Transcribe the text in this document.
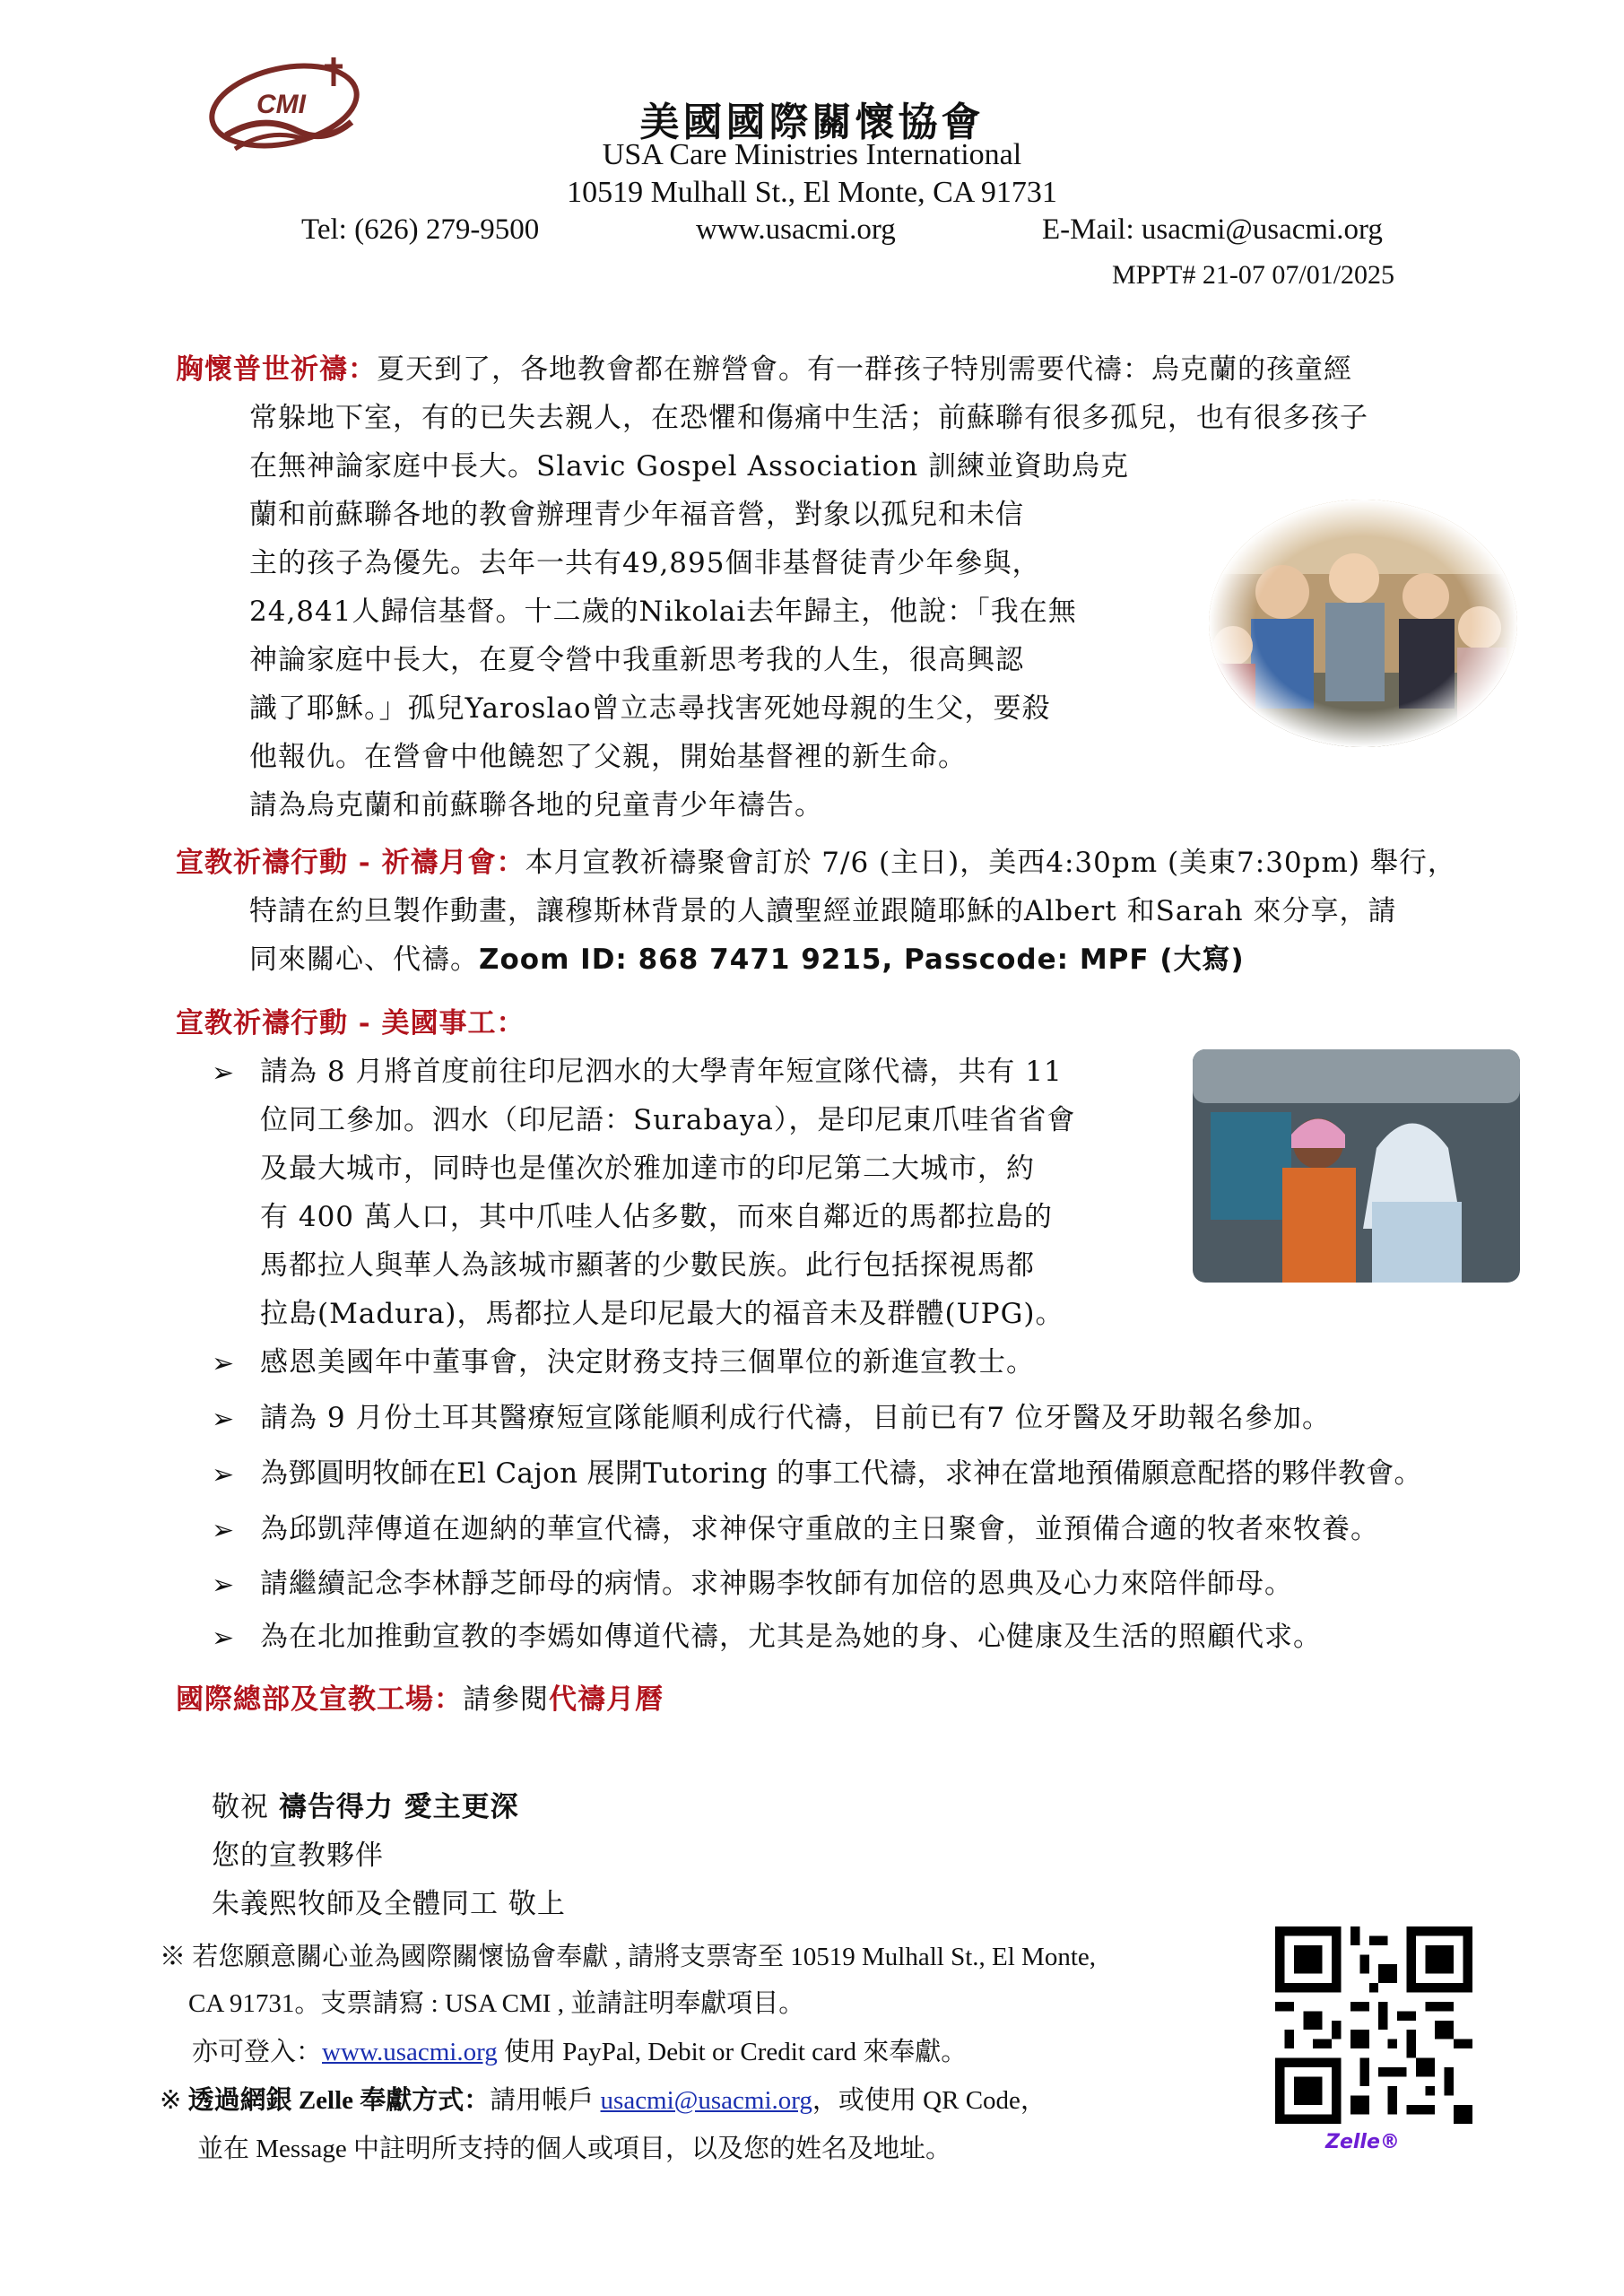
CMI	美國國際關懷協會
USA Care Ministries International
10519 Mulhall St., El Monte, CA 91731
Tel: (626) 279-9500	www.usacmi.org	E-Mail: usacmi@usacmi.org
MPPT# 21-07 07/01/2025
胸懷普世祈禱：夏天到了，各地教會都在辦營會。有一群孩子特別需要代禱：烏克蘭的孩童經
常躲地下室，有的已失去親人，在恐懼和傷痛中生活；前蘇聯有很多孤兒，也有很多孩子
在無神論家庭中長大。Slavic Gospel Association 訓練並資助烏克
蘭和前蘇聯各地的教會辦理青少年福音營，對象以孤兒和未信
主的孩子為優先。去年一共有49,895個非基督徒青少年參與，
24,841人歸信基督。十二歲的Nikolai去年歸主，他說：「我在無
神論家庭中長大，在夏令營中我重新思考我的人生，很高興認
識了耶穌。」孤兒Yaroslao曾立志尋找害死她母親的生父，要殺
他報仇。在營會中他饒恕了父親，開始基督裡的新生命。
請為烏克蘭和前蘇聯各地的兒童青少年禱告。
宣教祈禱行動 - 祈禱月會：本月宣教祈禱聚會訂於 7/6 (主日)，美西4:30pm (美東7:30pm) 舉行，
特請在約旦製作動畫，讓穆斯林背景的人讀聖經並跟隨耶穌的Albert 和Sarah 來分享，請
同來關心、代禱。Zoom ID: 868 7471 9215, Passcode: MPF (大寫)
宣教祈禱行動 - 美國事工：
➢ 請為 8 月將首度前往印尼泗水的大學青年短宣隊代禱，共有 11
位同工參加。泗水（印尼語：Surabaya），是印尼東爪哇省省會
及最大城市，同時也是僅次於雅加達市的印尼第二大城市，約
有 400 萬人口，其中爪哇人佔多數，而來自鄰近的馬都拉島的
馬都拉人與華人為該城市顯著的少數民族。此行包括探視馬都
拉島(Madura)，馬都拉人是印尼最大的福音未及群體(UPG)。
➢ 感恩美國年中董事會，決定財務支持三個單位的新進宣教士。
➢ 請為 9 月份土耳其醫療短宣隊能順利成行代禱，目前已有7 位牙醫及牙助報名參加。
➢ 為鄧圓明牧師在El Cajon 展開Tutoring 的事工代禱，求神在當地預備願意配搭的夥伴教會。
➢ 為邱凱萍傳道在迦納的華宣代禱，求神保守重啟的主日聚會，並預備合適的牧者來牧養。
➢ 請繼續記念李林靜芝師母的病情。求神賜李牧師有加倍的恩典及心力來陪伴師母。
➢ 為在北加推動宣教的李嫣如傳道代禱，尤其是為她的身、心健康及生活的照顧代求。
國際總部及宣教工場：請參閱代禱月曆
敬祝 禱告得力 愛主更深
您的宣教夥伴
朱義熙牧師及全體同工 敬上
※ 若您願意關心並為國際關懷協會奉獻 , 請將支票寄至 10519 Mulhall St., El Monte,
CA 91731。支票請寫 : USA CMI , 並請註明奉獻項目。
亦可登入：www.usacmi.org 使用 PayPal, Debit or Credit card 來奉獻。
※ 透過網銀 Zelle 奉獻方式：請用帳戶 usacmi@usacmi.org，或使用 QR Code，
並在 Message 中註明所支持的個人或項目，以及您的姓名及地址。	Zelle®
